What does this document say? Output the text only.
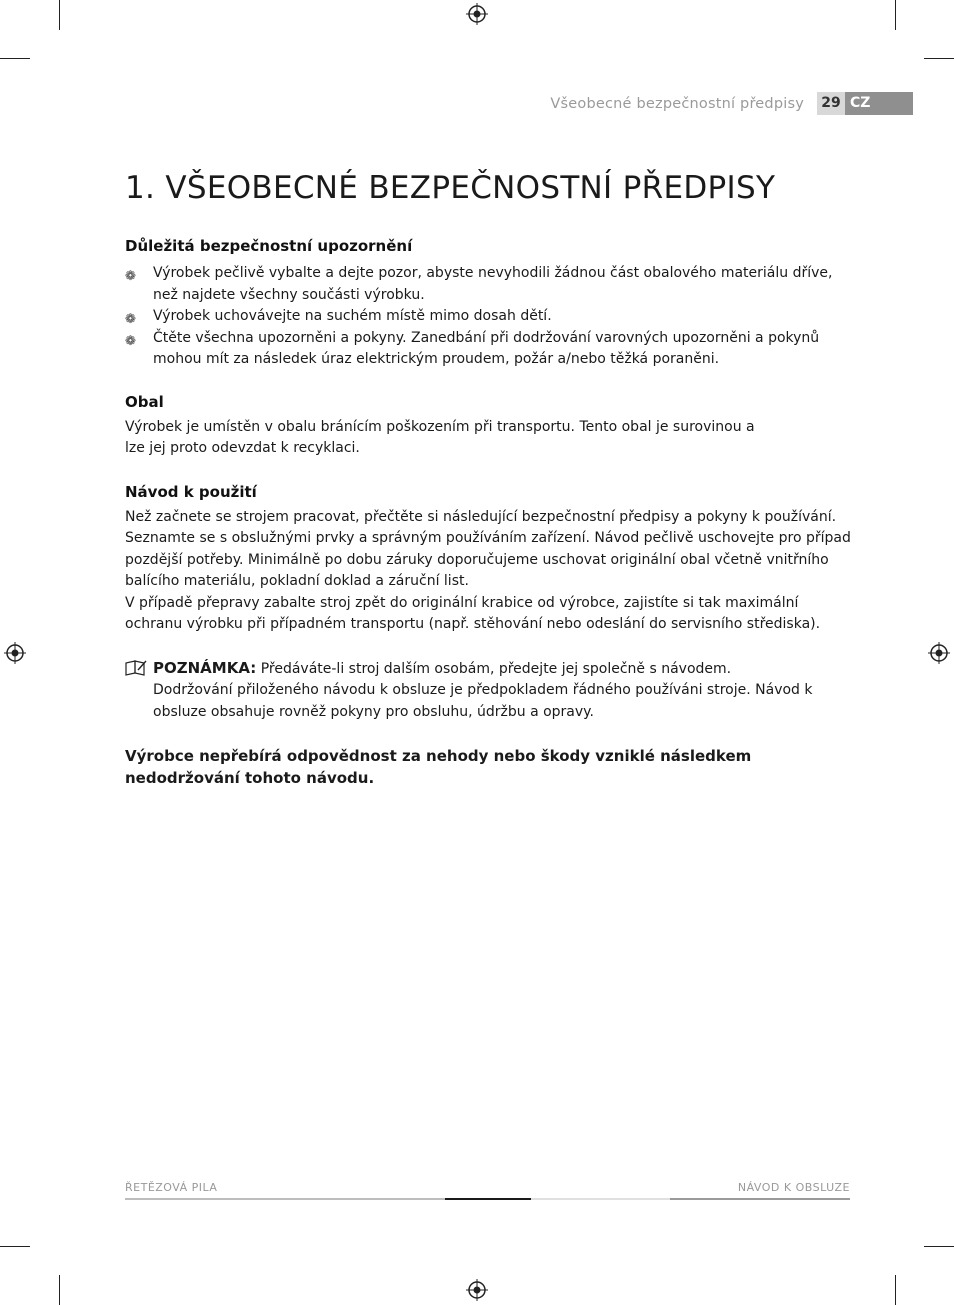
Všeobecné bezpečnostní předpisy	29 CZ
1. VŠEOBECNÉ BEZPEČNOSTNÍ PŘEDPISY
Důležitá bezpečnostní upozornění
❁ Výrobek pečlivě vybalte a dejte pozor, abyste nevyhodili žádnou část obalového materiálu dříve, než najdete všechny součásti výrobku.
❁ Výrobek uchovávejte na suchém místě mimo dosah dětí.
❁ Čtěte všechna upozorněni a pokyny. Zanedbání při dodržování varovných upozorněni a pokynů mohou mít za následek úraz elektrickým proudem, požár a/nebo těžká poraněni.
Obal

Výrobek je umístěn v obalu bránícím poškozením při transportu. Tento obal je surovinou a lze jej proto odevzdat k recyklaci.

Návod k použití

Než začnete se strojem pracovat, přečtěte si následující bezpečnostní předpisy a pokyny k používání. Seznamte se s obslužnými prvky a správným používáním zařízení. Návod pečlivě uschovejte pro případ pozdější potřeby. Minimálně po dobu záruky doporučujeme uschovat originální obal včetně vnitřního balícího materiálu, pokladní doklad a záruční list.

V případě přepravy zabalte stroj zpět do originální krabice od výrobce, zajistíte si tak maximální ochranu výrobku při případném transportu (např. stěhování nebo odeslání do servisního střediska).

POZNÁMKA: Předáváte-li stroj dalším osobám, předejte jej společně s návodem.

Dodržování přiloženého návodu k obsluze je předpokladem řádného používáni stroje. Návod k obsluze obsahuje rovněž pokyny pro obsluhu, údržbu a opravy.

Výrobce nepřebírá odpovědnost za nehody nebo škody vzniklé následkem nedodržování tohoto návodu.
ŘETĚZOVÁ PILA	NÁVOD K OBSLUZE
